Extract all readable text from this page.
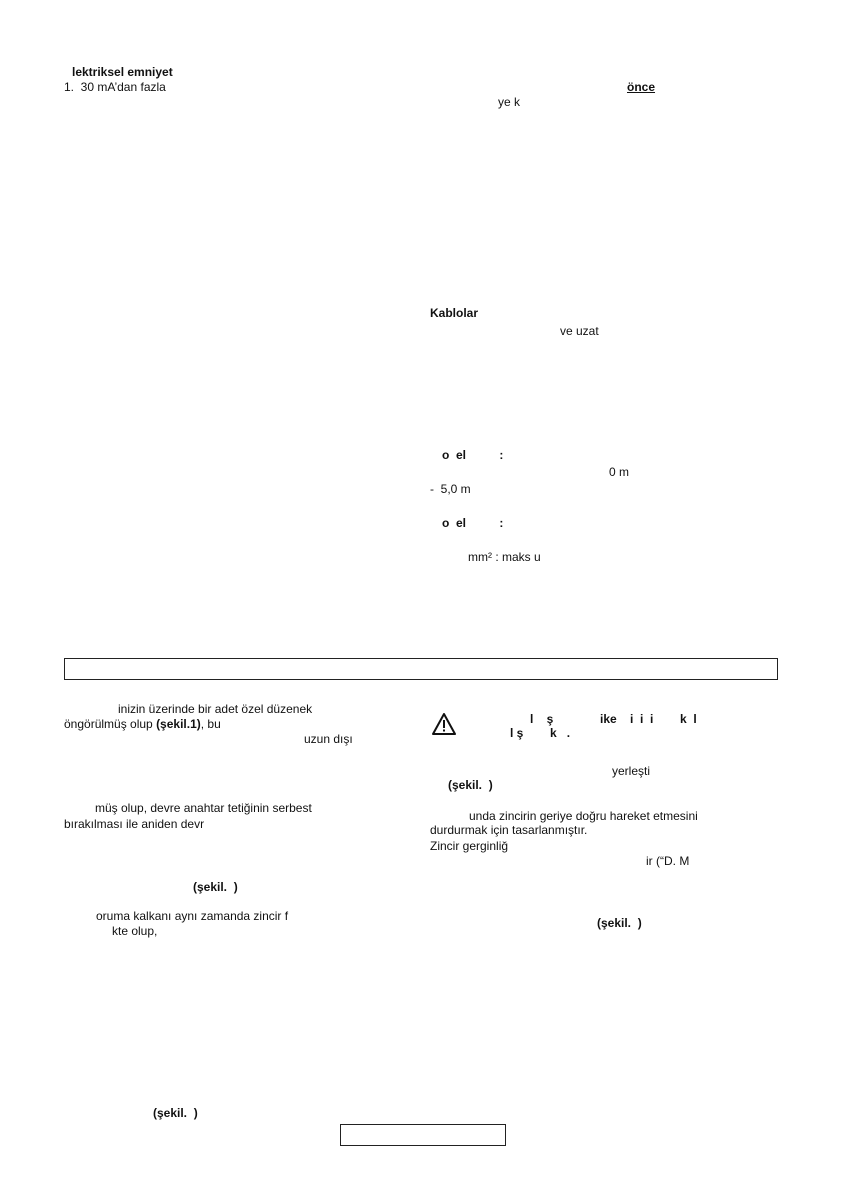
lektriksel emniyet
1.  30 mA’dan fazla	önce
ye k
Kablolar
ve uzat
o  el          :
0 m
-  5,0 m
o  el          :
mm² : maks u
inizin üzerinde bir adet özel düzenek
öngörülmüş olup (şekil.1), bu
uzun dışı
müş olup, devre anahtar tetiğinin serbest
bırakılması ile aniden devr
(şekil.  )
oruma kalkanı aynı zamanda zincir f
kte olup,
(şekil.  )
l    ş              ike    i  i  i        k  l
l ş        k   .
yerleşti
(şekil.  )
unda zincirin geriye doğru hareket etmesini
durdurmak için tasarlanmıştır.
Zincir gerginliğ
ir (“D. M
(şekil.  )
